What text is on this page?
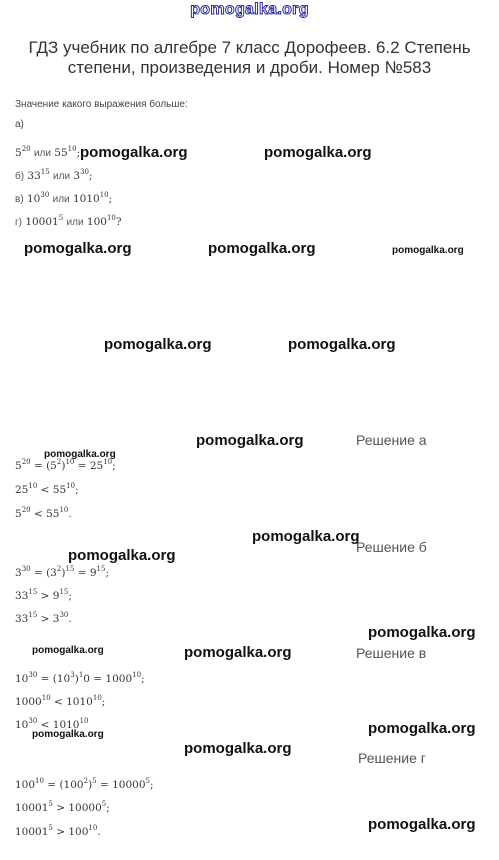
pomogalka.org
ГДЗ учебник по алгебре 7 класс Дорофеев. 6.2 Степень
степени, произведения и дроби. Номер №583
Значение какого выражения больше:
а)
$5^{20}$ или $55^{10}$;
б) $33^{15}$ или $3^{30}$;
в) $10^{30}$ или 1010$^{10}$;
г) 10001$^5$ или $100^{10}$?
Решение а
$5^{20} = (5^2)^{10} = 25^{10}$;
$25^{10} < 55^{10}$;
$5^{20} < 55^{10}$.
Решение б
$3^{30} = (3^2)^{15} = 9^{15}$;
$33^{15} > 9^{15}$;
$33^{15} > 3^{30}$.
Решение в
$10^{30} = (10^3)^10 = 1000^{10}$;
$1000^{10} < 1010^{10}$;
$10^{30} < 1010^{10}$
Решение г
$100^{10} = (100^2)^5 = 10000^5$;
$10001^5 > 10000^5$;
$10001^5 > 100^{10}$.
pomogalka.org	pomogalka.org
pomogalka.org	pomogalka.org	pomogalka.org
pomogalka.org	pomogalka.org
pomogalka.org
pomogalka.org
pomogalka.org
pomogalka.org
pomogalka.org
pomogalka.org	pomogalka.org
pomogalka.org	pomogalka.org
pomogalka.org
pomogalka.org
